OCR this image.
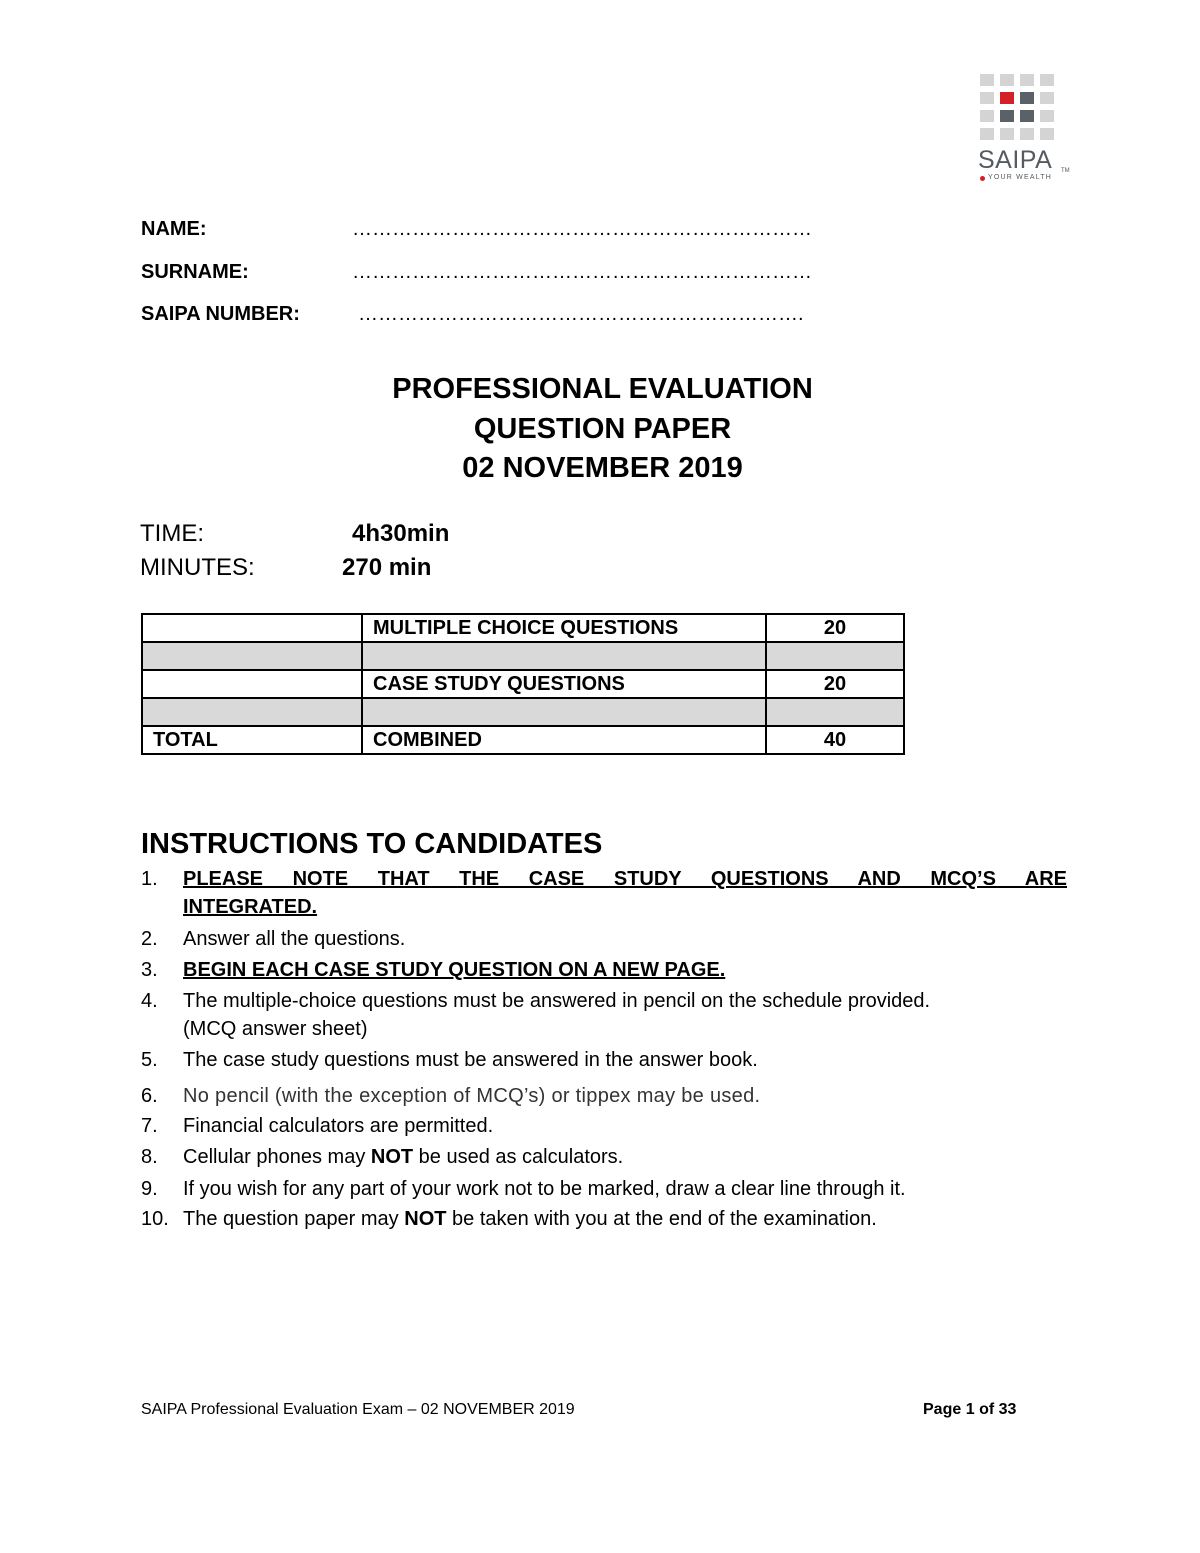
SAIPA TM
YOUR WEALTH
NAME:	……………………………………………………………
SURNAME:	……………………………………………………………
SAIPA NUMBER:	………………………………………………………….
PROFESSIONAL EVALUATION
QUESTION PAPER
02 NOVEMBER 2019
TIME:	4h30min
MINUTES:	270 min
	MULTIPLE CHOICE QUESTIONS	20

	CASE STUDY QUESTIONS	20

TOTAL	COMBINED	40
INSTRUCTIONS TO CANDIDATES
1.	PLEASE NOTE THAT THE CASE STUDY QUESTIONS AND MCQ’S ARE
INTEGRATED.
2.	Answer all the questions.
3.	BEGIN EACH CASE STUDY QUESTION ON A NEW PAGE.
4.	The multiple-choice questions must be answered in pencil on the schedule provided.
(MCQ answer sheet)
5.	The case study questions must be answered in the answer book.
6.	No pencil (with the exception of MCQ’s) or tippex may be used.
7.	Financial calculators are permitted.
8.	Cellular phones may NOT be used as calculators.
9.	If you wish for any part of your work not to be marked, draw a clear line through it.
10. The question paper may NOT be taken with you at the end of the examination.
SAIPA Professional Evaluation Exam – 02 NOVEMBER 2019	Page 1 of 33
